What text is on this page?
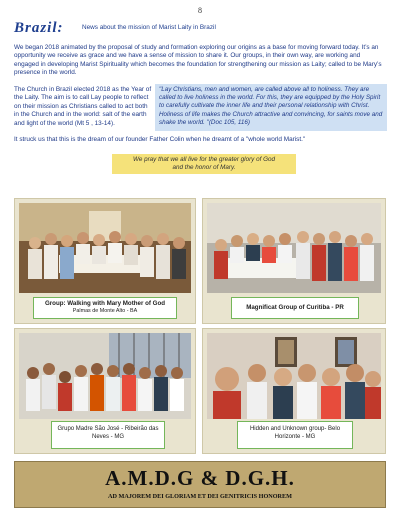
8
Brazil:	News about the mission of Marist Laity in Brazil
We began 2018 animated by the proposal of study and formation exploring our origins as a base for moving forward today. It’s an opportunity we receive as grace and we have a sense of mission to share it. Our groups, in their own way, are working and engaged in developing Marist Spirituality which becomes the foundation for strengthening our mission as Laity; called to be Mary’s presence in the world.
The Church in Brazil elected 2018 as the Year of the Laity. The aim is to call Lay people to reflect on their mission as Christians called to act both in the Church and in the world: salt of the earth and light of the world (Mt 5 , 13-14).
"Lay Christians, men and women, are called above all to holiness. They are called to live holiness in the world. For this, they are equipped by the Holy Spirit to carefully cultivate the inner life and their personal relationship with Christ. Holiness of life makes the Church attractive and convincing, for saints move and shake the world. "(Doc 105, 116)
It struck us that this is the dream of our founder Father Colin when he dreamt of a "whole world Marist."
We pray that we all live for the greater glory of God
and the honor of Mary.
Group: Walking with Mary Mother of God
Palmas de Monte Alto - BA	Magnificat Group of Curitiba - PR
Grupo Madre São José - Ribeirão das Neves - MG
Hidden and Unknown group- Belo Horizonte - MG
A.M.D.G & D.G.H.
AD MAJOREM DEI GLORIAM ET DEI GENITRICIS HONOREM
